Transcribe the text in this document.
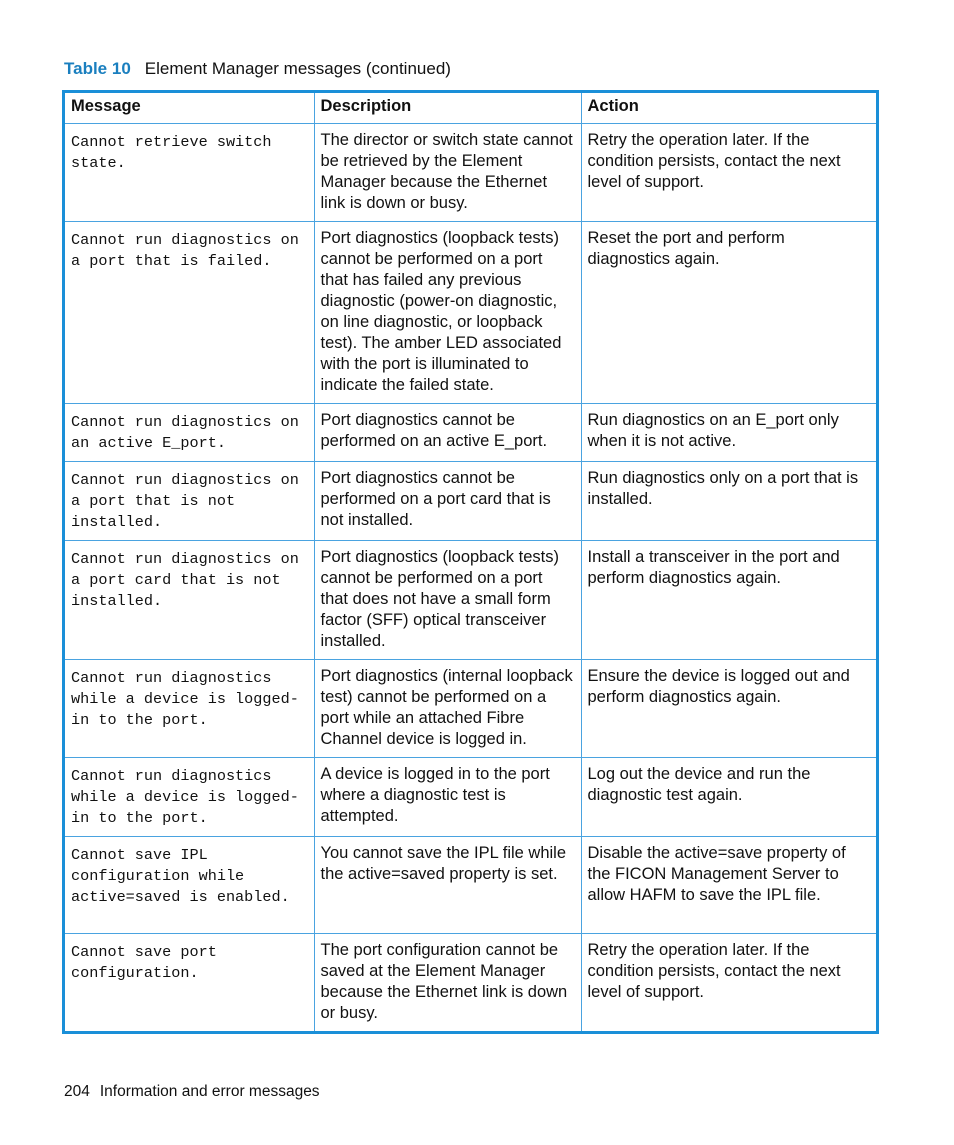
Table 10 Element Manager messages (continued)
Message	Description	Action
Cannot retrieve switch state.	The director or switch state cannot be retrieved by the Element Manager because the Ethernet link is down or busy.	Retry the operation later. If the condition persists, contact the next level of support.
Cannot run diagnostics on a port that is failed.	Port diagnostics (loopback tests) cannot be performed on a port that has failed any previous diagnostic (power-on diagnostic, on line diagnostic, or loopback test). The amber LED associated with the port is illuminated to indicate the failed state.	Reset the port and perform diagnostics again.
Cannot run diagnostics on an active E_port.	Port diagnostics cannot be performed on an active E_port.	Run diagnostics on an E_port only when it is not active.
Cannot run diagnostics on a port that is not installed.	Port diagnostics cannot be performed on a port card that is not installed.	Run diagnostics only on a port that is installed.
Cannot run diagnostics on a port card that is not installed.	Port diagnostics (loopback tests) cannot be performed on a port that does not have a small form factor (SFF) optical transceiver installed.	Install a transceiver in the port and perform diagnostics again.
Cannot run diagnostics while a device is logged-in to the port.	Port diagnostics (internal loopback test) cannot be performed on a port while an attached Fibre Channel device is logged in.	Ensure the device is logged out and perform diagnostics again.
Cannot run diagnostics while a device is logged-in to the port.	A device is logged in to the port where a diagnostic test is attempted.	Log out the device and run the diagnostic test again.
Cannot save IPL configuration while active=saved is enabled.	You cannot save the IPL file while the active=saved property is set.	Disable the active=save property of the FICON Management Server to allow HAFM to save the IPL file.
Cannot save port configuration.	The port configuration cannot be saved at the Element Manager because the Ethernet link is down or busy.	Retry the operation later. If the condition persists, contact the next level of support.
204 Information and error messages
